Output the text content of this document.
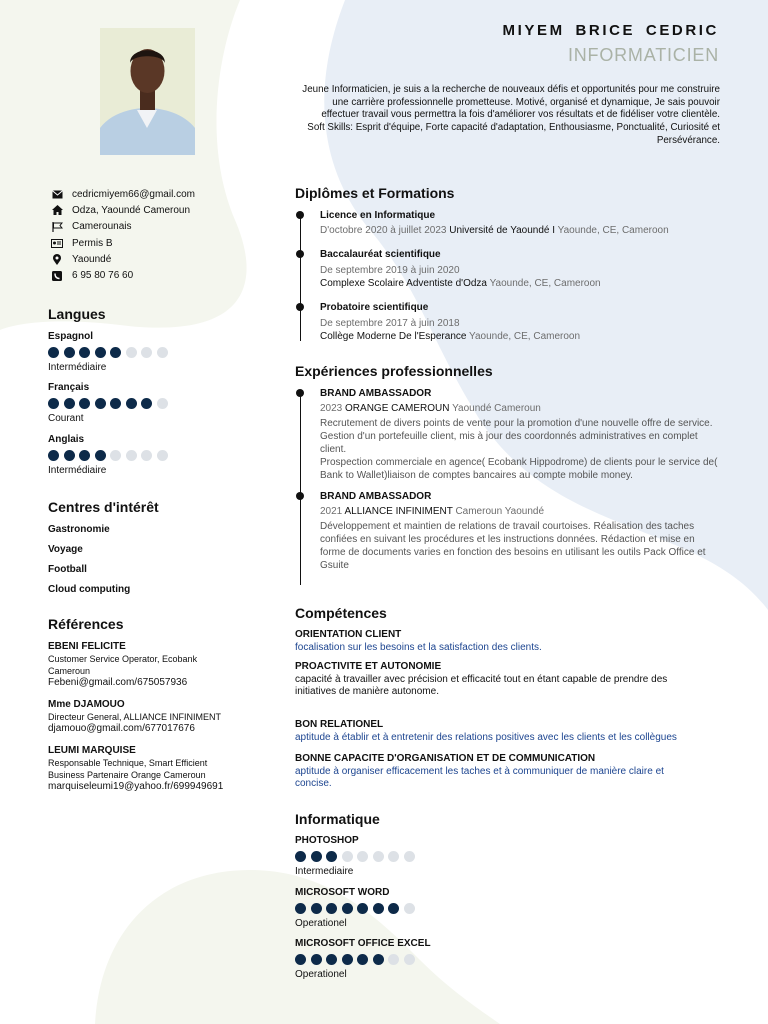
cedricmiyem66@gmail.com
Odza, Yaoundé Cameroun
Camerounais
Permis B
Yaoundé
6 95 80 76 60
Langues
Espagnol
Intermédiaire
Français
Courant
Anglais
Intermédiaire
Centres d'intérêt
Gastronomie
Voyage
Football
Cloud computing
Références
EBENI FELICITE
Customer Service Operator, Ecobank Cameroun
Febeni@gmail.com/675057936
Mme DJAMOUO
Directeur General, ALLIANCE INFINIMENT
djamouo@gmail.com/677017676
LEUMI MARQUISE
Responsable Technique, Smart Efficient Business Partenaire Orange Cameroun
marquiseleumi19@yahoo.fr/699949691
MIYEM BRICE CEDRIC
INFORMATICIEN
Jeune Informaticien, je suis a la recherche de nouveaux défis et opportunités pour me construire une carrière professionnelle prometteuse. Motivé, organisé et dynamique, Je sais pouvoir effectuer travail vous permettra la fois d'améliorer vos résultats et de fidéliser votre clientèle.
Soft Skills: Esprit d'équipe, Forte capacité d'adaptation, Enthousiasme, Ponctualité, Curiosité et Persévérance.
Diplômes et Formations
Licence en Informatique
D'octobre 2020 à juillet 2023 Université de Yaoundé I Yaounde, CE, Cameroon
Baccalauréat scientifique
De septembre 2019 à juin 2020
Complexe Scolaire Adventiste d'Odza Yaounde, CE, Cameroon
Probatoire scientifique
De septembre 2017 à juin 2018
Collège Moderne De l'Esperance Yaounde, CE, Cameroon
Expériences professionnelles
BRAND AMBASSADOR
2023 ORANGE CAMEROUN Yaoundé Cameroun
Recrutement de divers points de vente pour la promotion d'une nouvelle offre de service.
Gestion d'un portefeuille client, mis à jour des coordonnés administratives en complet client.
Prospection commerciale en agence( Ecobank Hippodrome) de clients pour le service de( Bank to Wallet)liaison de comptes bancaires au compte mobile money.
BRAND AMBASSADOR
2021 ALLIANCE INFINIMENT Cameroun Yaoundé
Développement et maintien de relations de travail courtoises. Réalisation des taches confiées en suivant les procédures et les instructions données. Rédaction et mise en forme de documents varies en fonction des besoins en utilisant les outils Pack Office et Gsuite
Compétences
ORIENTATION CLIENT
focalisation sur les besoins et la satisfaction des clients.
PROACTIVITE ET AUTONOMIE
capacité à travailler avec précision et efficacité tout en étant capable de prendre des initiatives de manière autonome.
BON RELATIONEL
aptitude à établir et à entretenir des relations positives avec les clients et les collègues
BONNE CAPACITE D'ORGANISATION ET DE COMMUNICATION
aptitude à organiser efficacement les taches et à communiquer de manière claire et concise.
Informatique
PHOTOSHOP
Intermediaire
MICROSOFT WORD
Operationel
MICROSOFT OFFICE EXCEL
Operationel
